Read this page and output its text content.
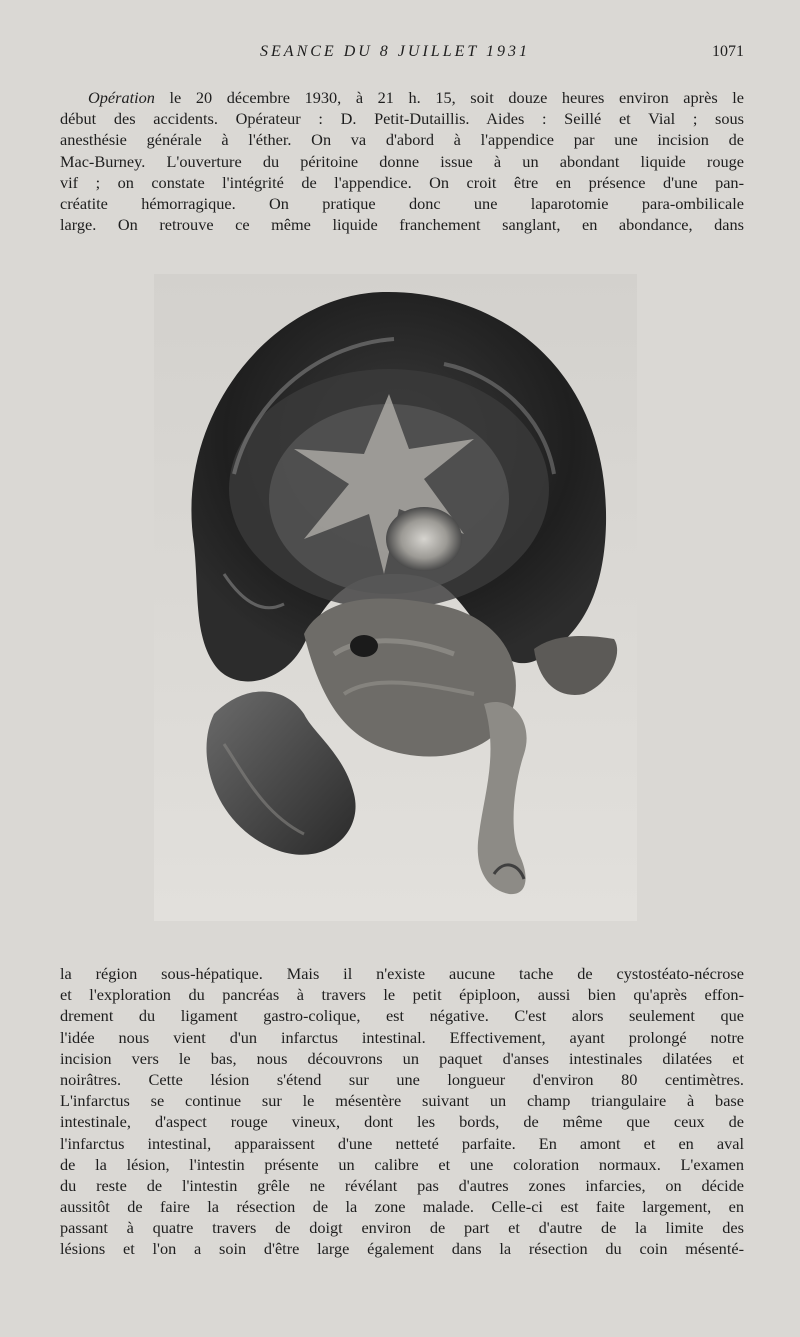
SEANCE DU 8 JUILLET 1931	1071
Opération le 20 décembre 1930, à 21 h. 15, soit douze heures environ après le
début des accidents. Opérateur : D. Petit-Dutaillis. Aides : Seillé et Vial ; sous
anesthésie générale à l'éther. On va d'abord à l'appendice par une incision de
Mac-Burney. L'ouverture du péritoine donne issue à un abondant liquide rouge
vif ; on constate l'intégrité de l'appendice. On croit être en présence d'une pan-
créatite hémorragique. On pratique donc une laparotomie para-ombilicale
large. On retrouve ce même liquide franchement sanglant, en abondance, dans
la région sous-hépatique. Mais il n'existe aucune tache de cystostéato-nécrose
et l'exploration du pancréas à travers le petit épiploon, aussi bien qu'après effon-
drement du ligament gastro-colique, est négative. C'est alors seulement que
l'idée nous vient d'un infarctus intestinal. Effectivement, ayant prolongé notre
incision vers le bas, nous découvrons un paquet d'anses intestinales dilatées et
noirâtres. Cette lésion s'étend sur une longueur d'environ 80 centimètres.
L'infarctus se continue sur le mésentère suivant un champ triangulaire à base
intestinale, d'aspect rouge vineux, dont les bords, de même que ceux de
l'infarctus intestinal, apparaissent d'une netteté parfaite. En amont et en aval
de la lésion, l'intestin présente un calibre et une coloration normaux. L'examen
du reste de l'intestin grêle ne révélant pas d'autres zones infarcies, on décide
aussitôt de faire la résection de la zone malade. Celle-ci est faite largement, en
passant à quatre travers de doigt environ de part et d'autre de la limite des
lésions et l'on a soin d'être large également dans la résection du coin mésenté-
